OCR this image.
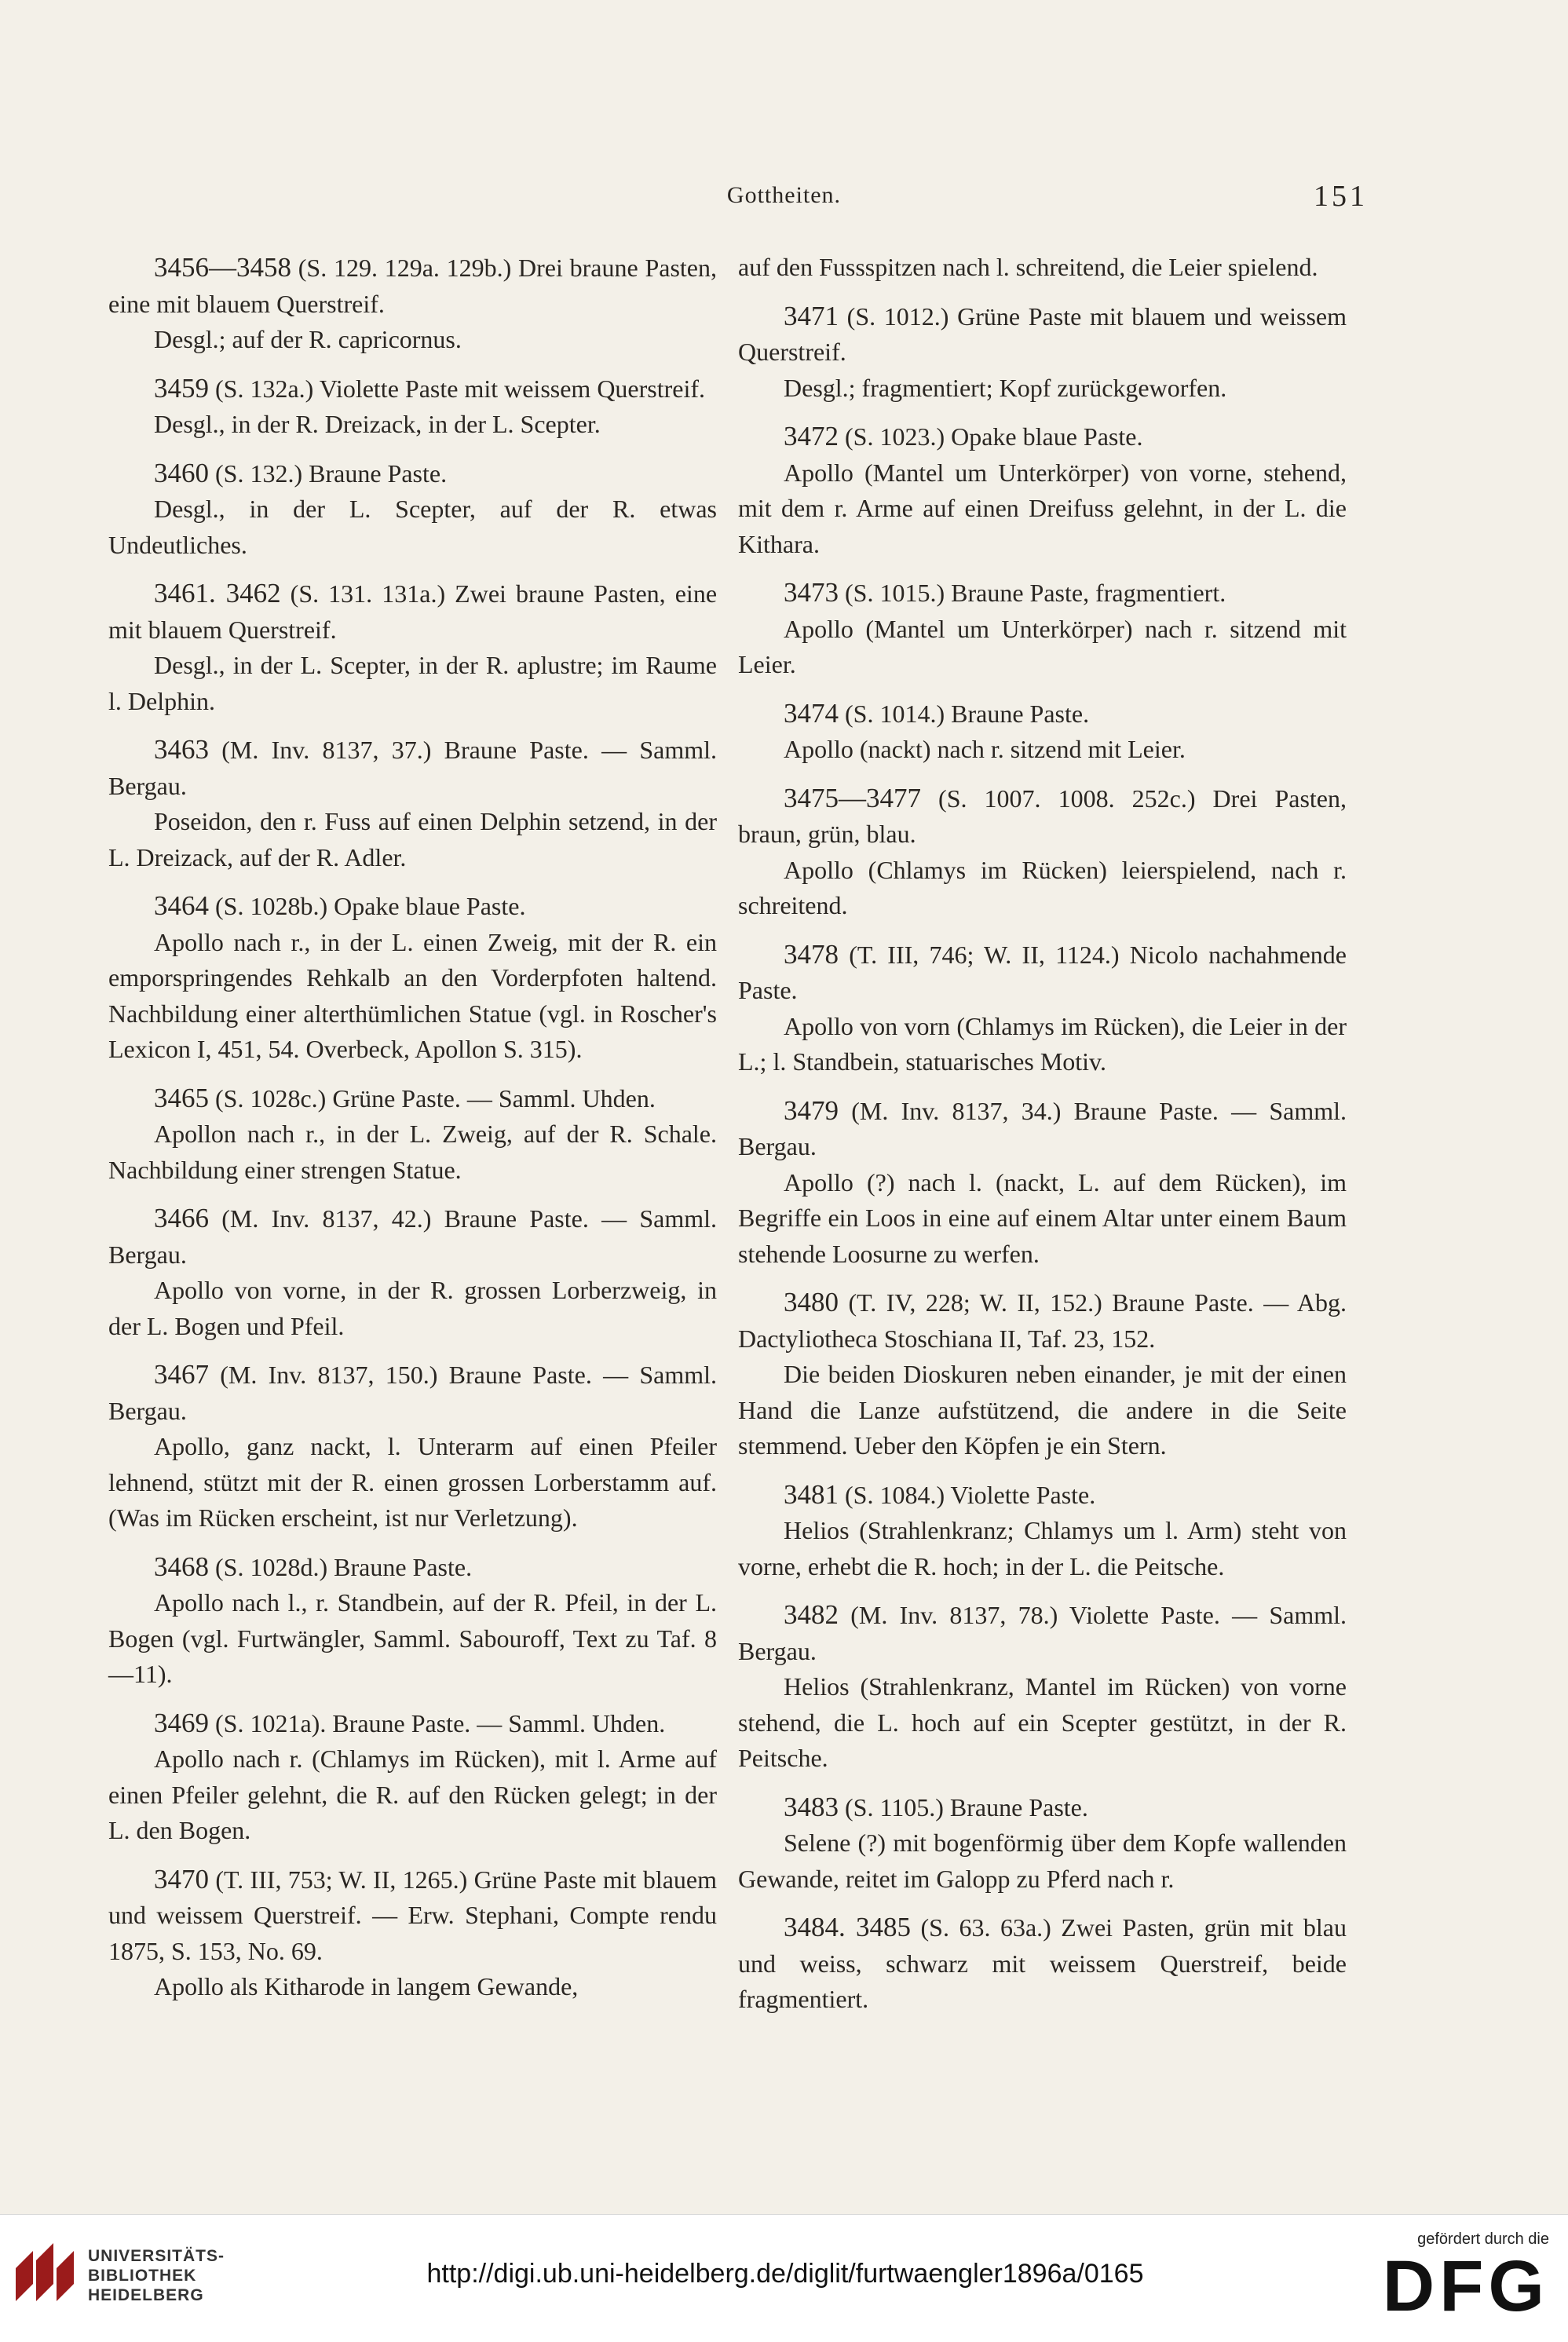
Gottheiten.	151

3456—3458 (S. 129. 129a. 129b.) Drei braune Pasten, eine mit blauem Querstreif.

Desgl.; auf der R. capricornus.

3459 (S. 132a.) Violette Paste mit weissem Querstreif.

Desgl., in der R. Dreizack, in der L. Scepter.

3460 (S. 132.) Braune Paste.

Desgl., in der L. Scepter, auf der R. etwas Undeutliches.

3461. 3462 (S. 131. 131a.) Zwei braune Pasten, eine mit blauem Querstreif.

Desgl., in der L. Scepter, in der R. aplustre; im Raume l. Delphin.

3463 (M. Inv. 8137, 37.) Braune Paste. — Samml. Bergau.

Poseidon, den r. Fuss auf einen Delphin setzend, in der L. Dreizack, auf der R. Adler.

3464 (S. 1028b.) Opake blaue Paste.

Apollo nach r., in der L. einen Zweig, mit der R. ein emporspringendes Rehkalb an den Vorderpfoten haltend. Nachbildung einer alterthümlichen Statue (vgl. in Roscher's Lexicon I, 451, 54. Overbeck, Apollon S. 315).

3465 (S. 1028c.) Grüne Paste. — Samml. Uhden.

Apollon nach r., in der L. Zweig, auf der R. Schale. Nachbildung einer strengen Statue.

3466 (M. Inv. 8137, 42.) Braune Paste. — Samml. Bergau.

Apollo von vorne, in der R. grossen Lorberzweig, in der L. Bogen und Pfeil.

3467 (M. Inv. 8137, 150.) Braune Paste. — Samml. Bergau.

Apollo, ganz nackt, l. Unterarm auf einen Pfeiler lehnend, stützt mit der R. einen grossen Lorberstamm auf. (Was im Rücken erscheint, ist nur Verletzung).

3468 (S. 1028d.) Braune Paste.

Apollo nach l., r. Standbein, auf der R. Pfeil, in der L. Bogen (vgl. Furtwängler, Samml. Sabouroff, Text zu Taf. 8—11).

3469 (S. 1021a). Braune Paste. — Samml. Uhden.

Apollo nach r. (Chlamys im Rücken), mit l. Arme auf einen Pfeiler gelehnt, die R. auf den Rücken gelegt; in der L. den Bogen.

3470 (T. III, 753; W. II, 1265.) Grüne Paste mit blauem und weissem Querstreif. — Erw. Stephani, Compte rendu 1875, S. 153, No. 69.

Apollo als Kitharode in langem Gewande,

auf den Fussspitzen nach l. schreitend, die Leier spielend.

3471 (S. 1012.) Grüne Paste mit blauem und weissem Querstreif.

Desgl.; fragmentiert; Kopf zurückgeworfen.

3472 (S. 1023.) Opake blaue Paste.

Apollo (Mantel um Unterkörper) von vorne, stehend, mit dem r. Arme auf einen Dreifuss gelehnt, in der L. die Kithara.

3473 (S. 1015.) Braune Paste, fragmentiert.

Apollo (Mantel um Unterkörper) nach r. sitzend mit Leier.

3474 (S. 1014.) Braune Paste.

Apollo (nackt) nach r. sitzend mit Leier.

3475—3477 (S. 1007. 1008. 252c.) Drei Pasten, braun, grün, blau.

Apollo (Chlamys im Rücken) leierspielend, nach r. schreitend.

3478 (T. III, 746; W. II, 1124.) Nicolo nachahmende Paste.

Apollo von vorn (Chlamys im Rücken), die Leier in der L.; l. Standbein, statuarisches Motiv.

3479 (M. Inv. 8137, 34.) Braune Paste. — Samml. Bergau.

Apollo (?) nach l. (nackt, L. auf dem Rücken), im Begriffe ein Loos in eine auf einem Altar unter einem Baum stehende Loosurne zu werfen.

3480 (T. IV, 228; W. II, 152.) Braune Paste. — Abg. Dactyliotheca Stoschiana II, Taf. 23, 152.

Die beiden Dioskuren neben einander, je mit der einen Hand die Lanze aufstützend, die andere in die Seite stemmend. Ueber den Köpfen je ein Stern.

3481 (S. 1084.) Violette Paste.

Helios (Strahlenkranz; Chlamys um l. Arm) steht von vorne, erhebt die R. hoch; in der L. die Peitsche.

3482 (M. Inv. 8137, 78.) Violette Paste. — Samml. Bergau.

Helios (Strahlenkranz, Mantel im Rücken) von vorne stehend, die L. hoch auf ein Scepter gestützt, in der R. Peitsche.

3483 (S. 1105.) Braune Paste.

Selene (?) mit bogenförmig über dem Kopfe wallenden Gewande, reitet im Galopp zu Pferd nach r.

3484. 3485 (S. 63. 63a.) Zwei Pasten, grün mit blau und weiss, schwarz mit weissem Querstreif, beide fragmentiert.

UNIVERSITÄTS-
BIBLIOTHEK
HEIDELBERG
http://digi.ub.uni-heidelberg.de/diglit/furtwaengler1896a/0165
gefördert durch die
DFG
